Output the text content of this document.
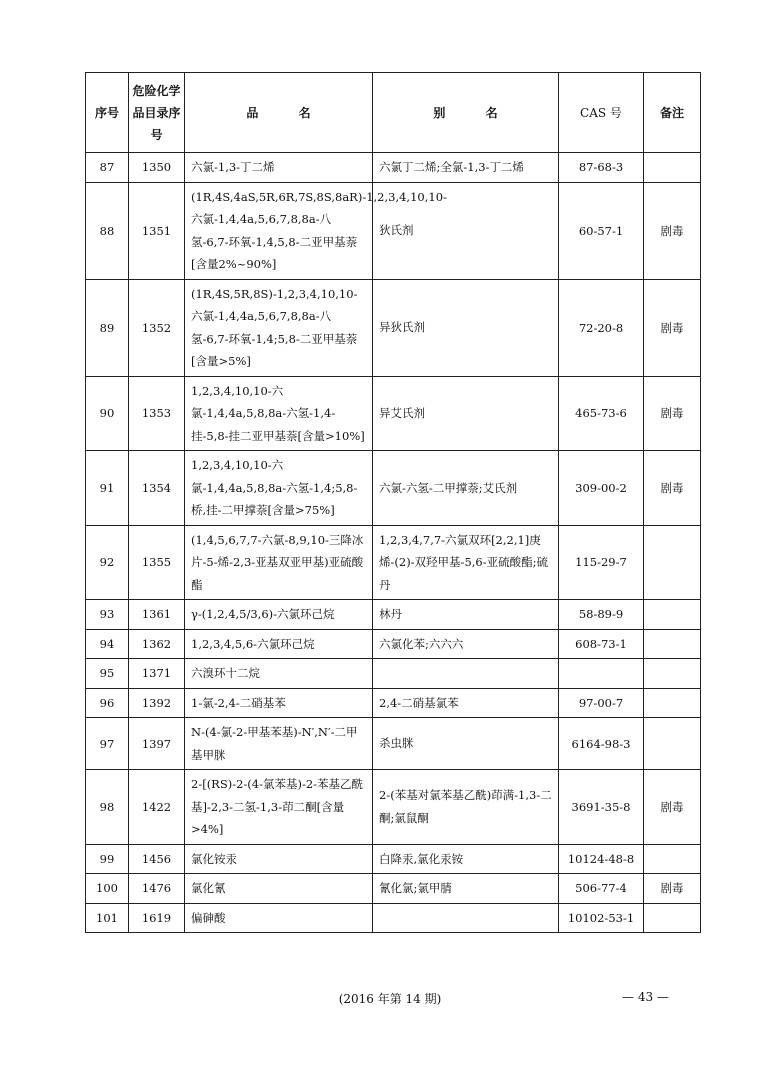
序号	危险化学品目录序号	品 名	别 名	CAS 号	备注
87	1350	六氯-1,3-丁二烯	六氯丁二烯;全氯-1,3-丁二烯	87-68-3	
88	1351	(1R,4S,4aS,5R,6R,7S,8S,8aR)-1,2,3,4,10,10-六氯-1,4,4a,5,6,7,8,8a-八氢-6,7-环氧-1,4,5,8-二亚甲基萘[含量2%~90%]	狄氏剂	60-57-1	剧毒
89	1352	(1R,4S,5R,8S)-1,2,3,4,10,10-六氯-1,4,4a,5,6,7,8,8a-八氢-6,7-环氧-1,4;5,8-二亚甲基萘[含量>5%]	异狄氏剂	72-20-8	剧毒
90	1353	1,2,3,4,10,10-六氯-1,4,4a,5,8,8a-六氢-1,4-挂-5,8-挂二亚甲基萘[含量>10%]	异艾氏剂	465-73-6	剧毒
91	1354	1,2,3,4,10,10-六氯-1,4,4a,5,8,8a-六氢-1,4;5,8-桥,挂-二甲撑萘[含量>75%]	六氯-六氢-二甲撑萘;艾氏剂	309-00-2	剧毒
92	1355	(1,4,5,6,7,7-六氯-8,9,10-三降冰片-5-烯-2,3-亚基双亚甲基)亚硫酸酯	1,2,3,4,7,7-六氯双环[2,2,1]庚烯-(2)-双羟甲基-5,6-亚硫酸酯;硫丹	115-29-7	
93	1361	γ-(1,2,4,5/3,6)-六氯环己烷	林丹	58-89-9	
94	1362	1,2,3,4,5,6-六氯环己烷	六氯化苯;六六六	608-73-1	
95	1371	六溴环十二烷			
96	1392	1-氯-2,4-二硝基苯	2,4-二硝基氯苯	97-00-7	
97	1397	N-(4-氯-2-甲基苯基)-N′,N′-二甲基甲脒	杀虫脒	6164-98-3	
98	1422	2-[(RS)-2-(4-氯苯基)-2-苯基乙酰基]-2,3-二氢-1,3-茚二酮[含量>4%]	2-(苯基对氯苯基乙酰)茚满-1,3-二酮;氯鼠酮	3691-35-8	剧毒
99	1456	氯化铵汞	白降汞,氯化汞铵	10124-48-8	
100	1476	氯化氰	氰化氯;氯甲腈	506-77-4	剧毒
101	1619	偏砷酸		10102-53-1	
(2016 年第 14 期)	— 43 —
